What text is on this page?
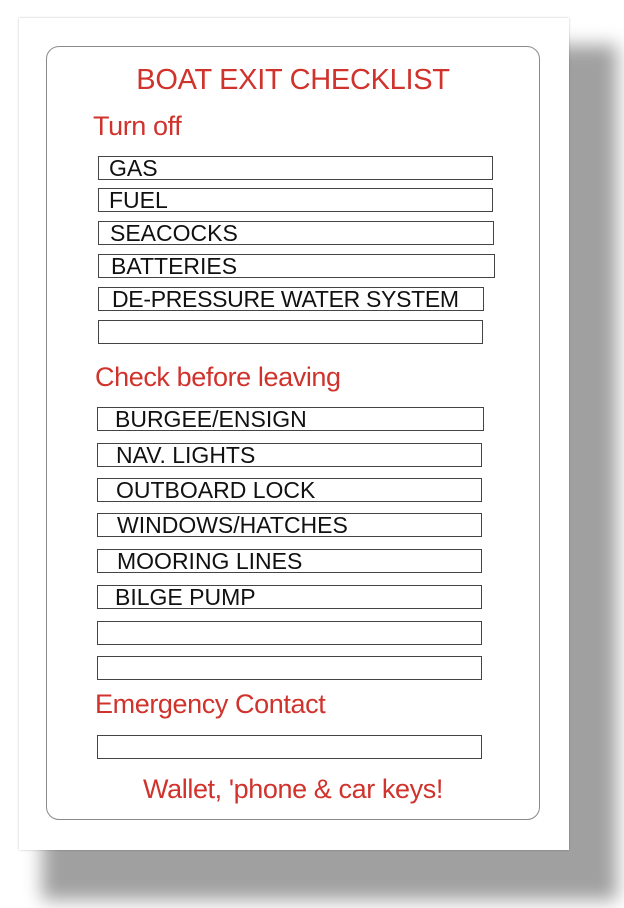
BOAT EXIT CHECKLIST
Turn off
GAS
FUEL
SEACOCKS
BATTERIES
DE-PRESSURE WATER SYSTEM
Check before leaving
BURGEE/ENSIGN
NAV. LIGHTS
OUTBOARD LOCK
WINDOWS/HATCHES
MOORING LINES
BILGE PUMP
Emergency Contact
Wallet, 'phone & car keys!
